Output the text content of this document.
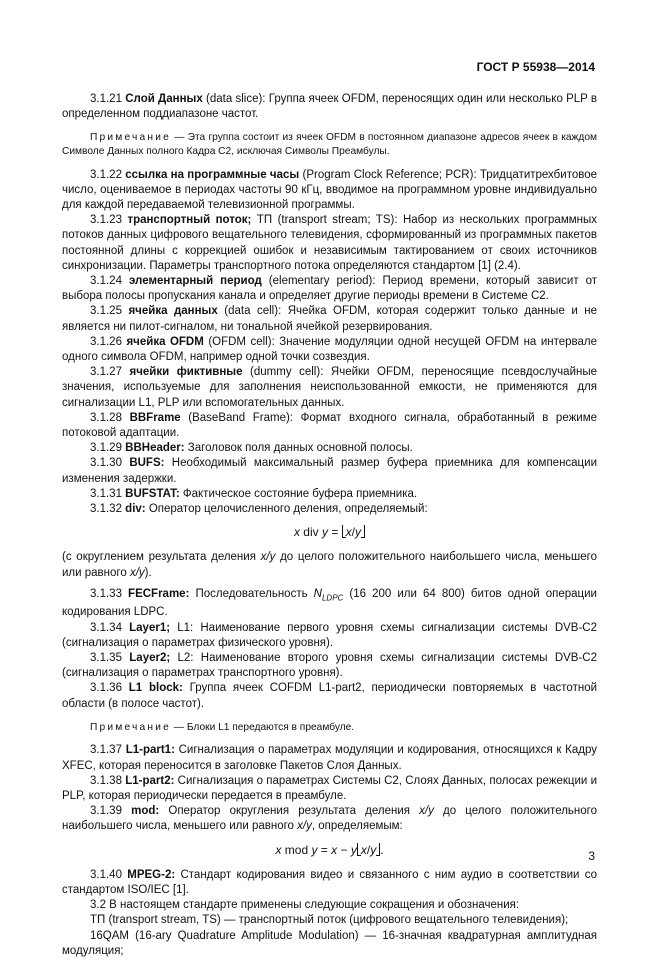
ГОСТ Р 55938—2014

3.1.21 Слой Данных (data slice): Группа ячеек OFDM, переносящих один или несколько PLP в определенном поддиапазоне частот.

Примечание — Эта группа состоит из ячеек OFDM в постоянном диапазоне адресов ячеек в каждом Символе Данных полного Кадра С2, исключая Символы Преамбулы.

3.1.22 ссылка на программные часы (Program Clock Reference; PCR): Тридцатитрехбитовое число, оцениваемое в периодах частоты 90 кГц, вводимое на программном уровне индивидуально для каждой передаваемой телевизионной программы.

3.1.23 транспортный поток; ТП (transport stream; TS): Набор из нескольких программных потоков данных цифрового вещательного телевидения, сформированный из программных пакетов постоянной длины с коррекцией ошибок и независимым тактированием от своих источников синхронизации. Параметры транспортного потока определяются стандартом [1] (2.4).

3.1.24 элементарный период (elementary period): Период времени, который зависит от выбора полосы пропускания канала и определяет другие периоды времени в Системе С2.

3.1.25 ячейка данных (data cell): Ячейка OFDM, которая содержит только данные и не является ни пилот-сигналом, ни тональной ячейкой резервирования.

3.1.26 ячейка OFDM (OFDM cell): Значение модуляции одной несущей OFDM на интервале одного символа OFDM, например одной точки созвездия.

3.1.27 ячейки фиктивные (dummy cell): Ячейки OFDM, переносящие псевдослучайные значения, используемые для заполнения неиспользованной емкости, не применяются для сигнализации L1, PLP или вспомогательных данных.

3.1.28 BBFrame (BaseBand Frame): Формат входного сигнала, обработанный в режиме потоковой адаптации.

3.1.29 BBHeader: Заголовок поля данных основной полосы.

3.1.30 BUFS: Необходимый максимальный размер буфера приемника для компенсации изменения задержки.

3.1.31 BUFSTAT: Фактическое состояние буфера приемника.

3.1.32 div: Оператор целочисленного деления, определяемый:

x div y = x/y

(с округлением результата деления x/y до целого положительного наибольшего числа, меньшего или равного x/y).

3.1.33 FECFrame: Последовательность $N_{LDPC}$ (16 200 или 64 800) битов одной операции кодирования LDPC.

3.1.34 Layer1; L1: Наименование первого уровня схемы сигнализации системы DVB-C2 (сигнализация о параметрах физического уровня).

3.1.35 Layer2; L2: Наименование второго уровня схемы сигнализации системы DVB-C2 (сигнализация о параметрах транспортного уровня).

3.1.36 L1 block: Группа ячеек COFDM L1-part2, периодически повторяемых в частотной области (в полосе частот).

Примечание — Блоки L1 передаются в преамбуле.

3.1.37 L1-part1: Сигнализация о параметрах модуляции и кодирования, относящихся к Кадру XFEC, которая переносится в заголовке Пакетов Слоя Данных.

3.1.38 L1-part2: Сигнализация о параметрах Системы С2, Слоях Данных, полосах режекции и PLP, которая периодически передается в преамбуле.

3.1.39 mod: Оператор округления результата деления x/y до целого положительного наибольшего числа, меньшего или равного x/y, определяемым:

x mod y = x − y x/y .

3.1.40 MPEG-2: Стандарт кодирования видео и связанного с ним аудио в соответствии со стандартом ISO/IEC [1].

3.2 В настоящем стандарте применены следующие сокращения и обозначения:

ТП (transport stream, TS) — транспортный поток (цифрового вещательного телевидения);

16QAM (16-ary Quadrature Amplitude Modulation) — 16-значная квадратурная амплитудная модуляция;

3
